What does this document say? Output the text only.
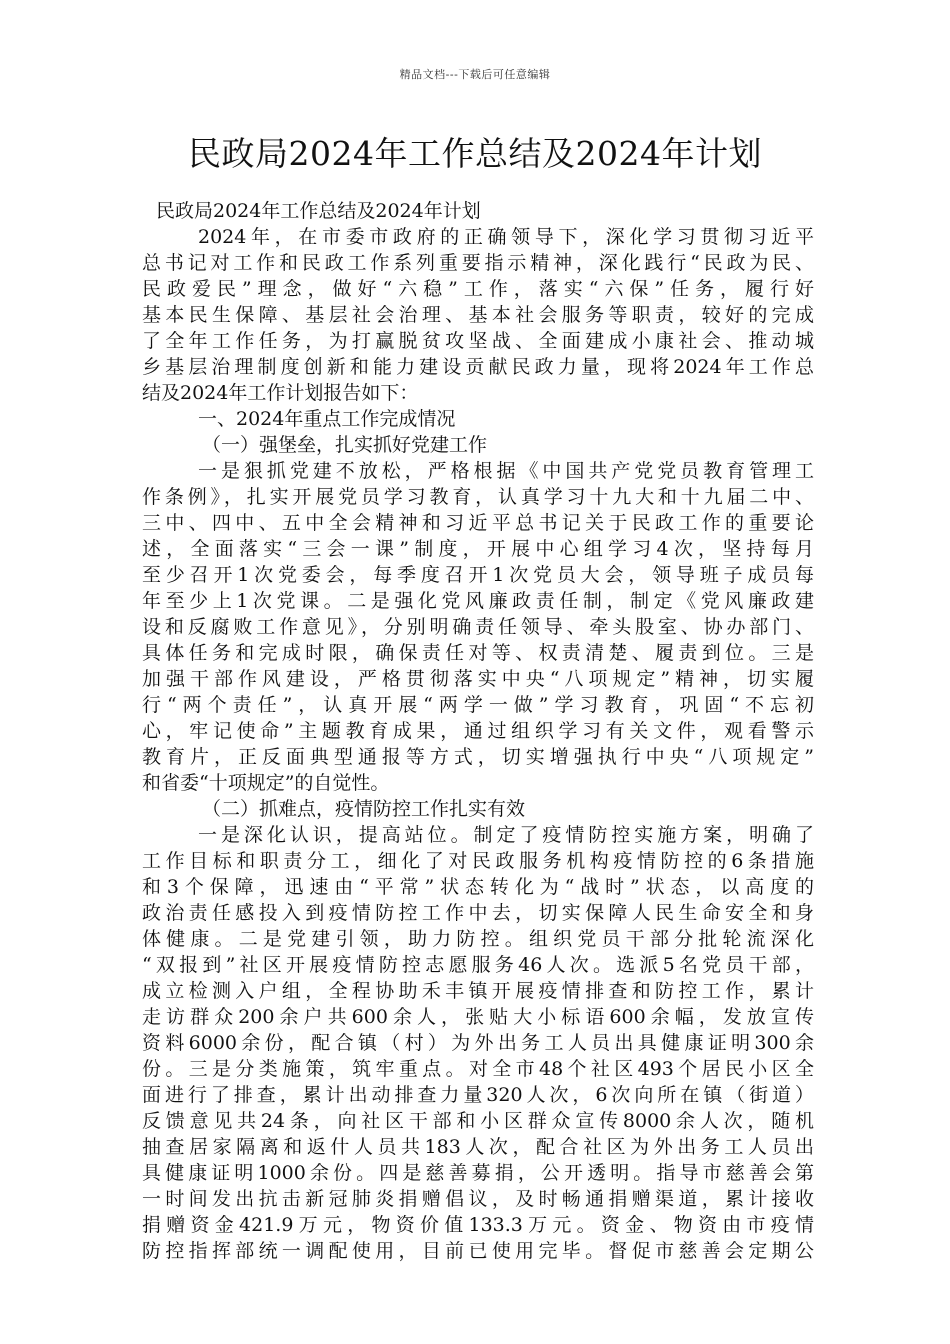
精品文档---下载后可任意编辑
民政局2024年工作总结及2024年计划
民政局2024年工作总结及2024年计划
2024年，在市委市政府的正确领导下，深化学习贯彻习近平
总书记对工作和民政工作系列重要指示精神，深化践行“民政为民、
民政爱民”理念，做好“六稳”工作，落实“六保”任务，履行好
基本民生保障、基层社会治理、基本社会服务等职责，较好的完成
了全年工作任务，为打赢脱贫攻坚战、全面建成小康社会、推动城
乡基层治理制度创新和能力建设贡献民政力量，现将2024年工作总
结及2024年工作计划报告如下：
一、2024年重点工作完成情况
（一）强堡垒，扎实抓好党建工作
一是狠抓党建不放松，严格根据《中国共产党党员教育管理工
作条例》，扎实开展党员学习教育，认真学习十九大和十九届二中、
三中、四中、五中全会精神和习近平总书记关于民政工作的重要论
述，全面落实“三会一课”制度，开展中心组学习4次，坚持每月
至少召开1次党委会，每季度召开1次党员大会，领导班子成员每
年至少上1次党课。二是强化党风廉政责任制，制定《党风廉政建
设和反腐败工作意见》，分别明确责任领导、牵头股室、协办部门、
具体任务和完成时限，确保责任对等、权责清楚、履责到位。三是
加强干部作风建设，严格贯彻落实中央“八项规定”精神，切实履
行“两个责任”，认真开展“两学一做”学习教育，巩固“不忘初
心，牢记使命”主题教育成果，通过组织学习有关文件，观看警示
教育片，正反面典型通报等方式，切实增强执行中央“八项规定”
和省委“十项规定”的自觉性。
（二）抓难点，疫情防控工作扎实有效
一是深化认识，提高站位。制定了疫情防控实施方案，明确了
工作目标和职责分工，细化了对民政服务机构疫情防控的6条措施
和3个保障，迅速由“平常”状态转化为“战时”状态，以高度的
政治责任感投入到疫情防控工作中去，切实保障人民生命安全和身
体健康。二是党建引领，助力防控。组织党员干部分批轮流深化
“双报到”社区开展疫情防控志愿服务46人次。选派5名党员干部，
成立检测入户组，全程协助禾丰镇开展疫情排查和防控工作，累计
走访群众200余户共600余人，张贴大小标语600余幅，发放宣传
资料6000余份，配合镇（村）为外出务工人员出具健康证明300余
份。三是分类施策，筑牢重点。对全市48个社区493个居民小区全
面进行了排查，累计出动排查力量320人次，6次向所在镇（街道）
反馈意见共24条，向社区干部和小区群众宣传8000余人次，随机
抽查居家隔离和返什人员共183人次，配合社区为外出务工人员出
具健康证明1000余份。四是慈善募捐，公开透明。指导市慈善会第
一时间发出抗击新冠肺炎捐赠倡议，及时畅通捐赠渠道，累计接收
捐赠资金421.9万元，物资价值133.3万元。资金、物资由市疫情
防控指挥部统一调配使用，目前已使用完毕。督促市慈善会定期公
